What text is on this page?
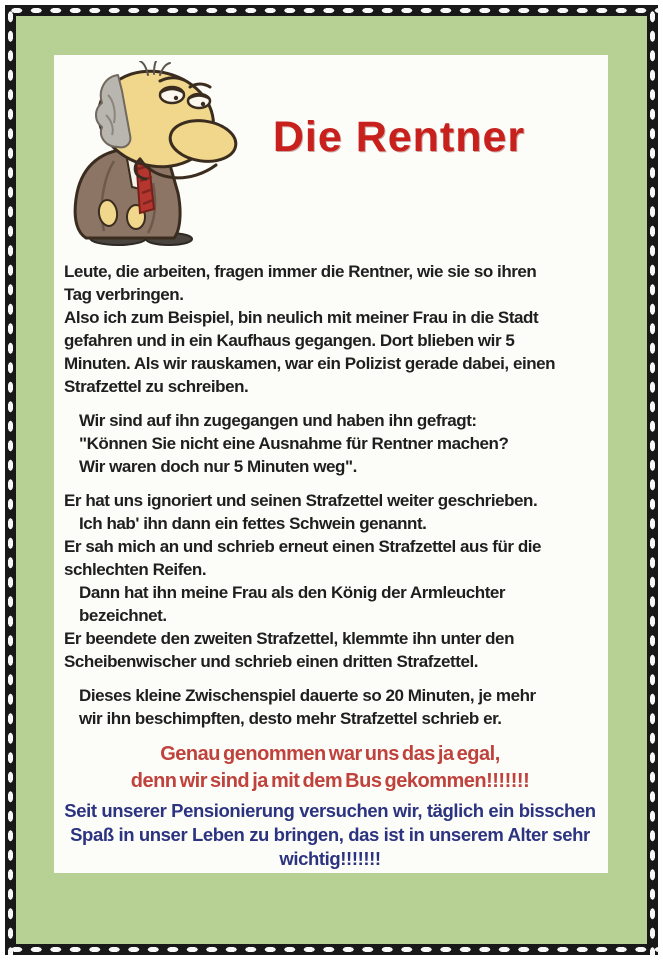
Die Rentner
Leute, die arbeiten, fragen immer die Rentner, wie sie so ihren
Tag verbringen.
Also ich zum Beispiel, bin neulich mit meiner Frau in die Stadt
gefahren und in ein Kaufhaus gegangen. Dort blieben wir 5
Minuten. Als wir rauskamen, war ein Polizist gerade dabei, einen
Strafzettel zu schreiben.
Wir sind auf ihn zugegangen und haben ihn gefragt:
"Können Sie nicht eine Ausnahme für Rentner machen?
Wir waren doch nur 5 Minuten weg".
Er hat uns ignoriert und seinen Strafzettel weiter geschrieben.
Ich hab' ihn dann ein fettes Schwein genannt.
Er sah mich an und schrieb erneut einen Strafzettel aus für die
schlechten Reifen.
Dann hat ihn meine Frau als den König der Armleuchter
bezeichnet.
Er beendete den zweiten Strafzettel, klemmte ihn unter den
Scheibenwischer und schrieb einen dritten Strafzettel.
Dieses kleine Zwischenspiel dauerte so 20 Minuten, je mehr
wir ihn beschimpften, desto mehr Strafzettel schrieb er.
Genau genommen war uns das ja egal,
denn wir sind ja mit dem Bus gekommen!!!!!!!
Seit unserer Pensionierung versuchen wir, täglich ein bisschen
Spaß in unser Leben zu bringen, das ist in unserem Alter sehr
wichtig!!!!!!!
